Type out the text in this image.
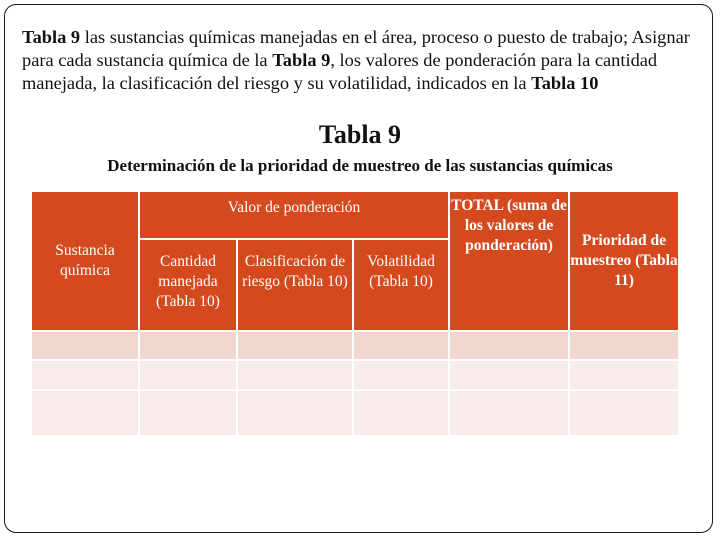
Tabla 9 las sustancias químicas manejadas en el área, proceso o puesto de trabajo; Asignar para cada sustancia química de la Tabla 9, los valores de ponderación para la cantidad manejada, la clasificación del riesgo y su volatilidad, indicados en la Tabla 10

Tabla 9
Determinación de la prioridad de muestreo de las sustancias químicas
Sustancia química	Valor de ponderación			TOTAL (suma de los valores de ponderación)	Prioridad de muestreo (Tabla 11)
	Cantidad manejada (Tabla 10)	Clasificación de riesgo (Tabla 10)	Volatilidad (Tabla 10)		
